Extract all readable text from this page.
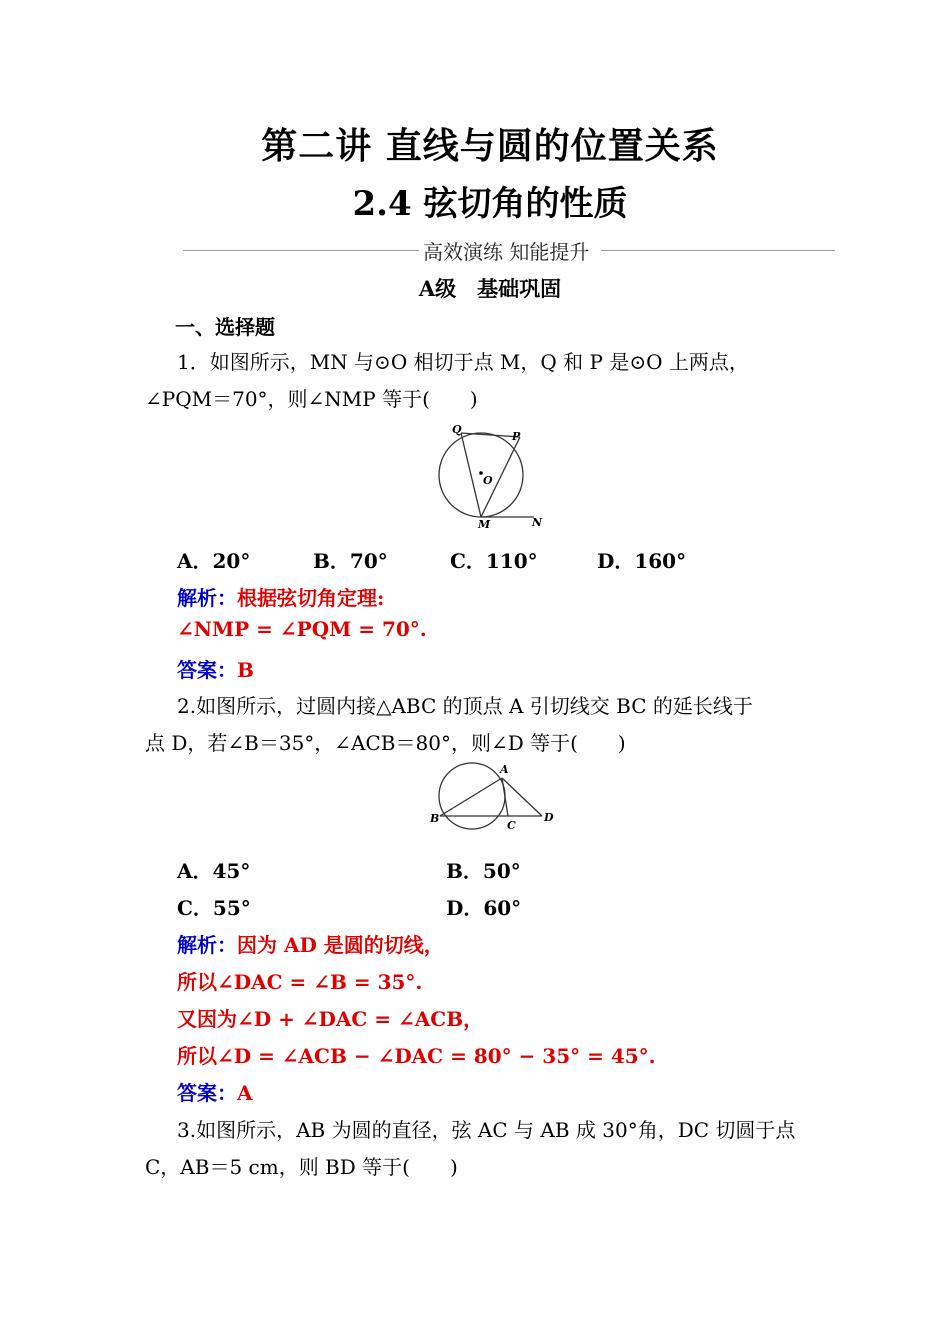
第二讲 直线与圆的位置关系
2.4 弦切角的性质
高效演练 知能提升
A级　基础巩固
一、选择题
1．如图所示，MN 与⊙O 相切于点 M，Q 和 P 是⊙O 上两点，
∠PQM＝70°，则∠NMP 等于(　　)
Q
P
O
M	N
A．20°	B．70°	C．110°	D．160°
解析：根据弦切角定理:
∠NMP = ∠PQM = 70°.
答案：B
2.如图所示，过圆内接△ABC 的顶点 A 引切线交 BC 的延长线于
点 D，若∠B＝35°，∠ACB＝80°，则∠D 等于(　　)
A
B
C
D
A．45°	B．50°
C．55°	D．60°
解析：因为 AD 是圆的切线，
所以∠DAC = ∠B = 35°.
又因为∠D + ∠DAC = ∠ACB，
所以∠D = ∠ACB − ∠DAC = 80° − 35° = 45°.
答案：A
3.如图所示，AB 为圆的直径，弦 AC 与 AB 成 30°角，DC 切圆于点
C，AB＝5 cm，则 BD 等于(　　)
